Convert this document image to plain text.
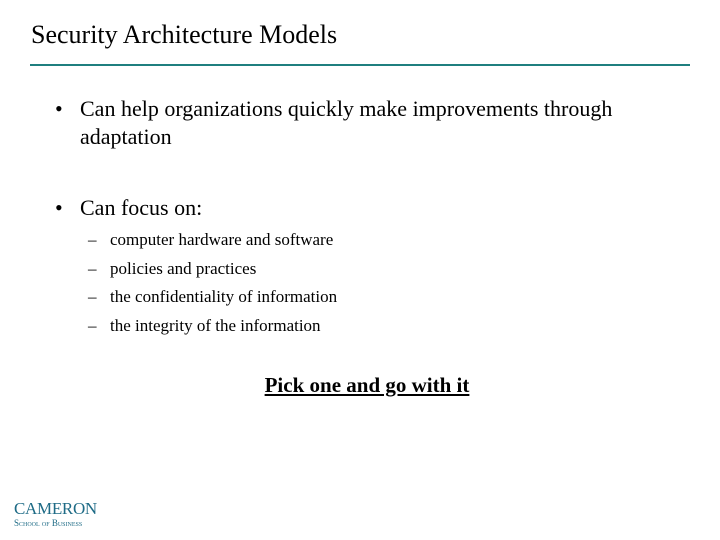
Security Architecture Models
• Can help organizations quickly make improvements through adaptation
• Can focus on:
– computer hardware and software
– policies and practices
– the confidentiality of information
– the integrity of the information
Pick one and go with it
CAMERON
School of Business
